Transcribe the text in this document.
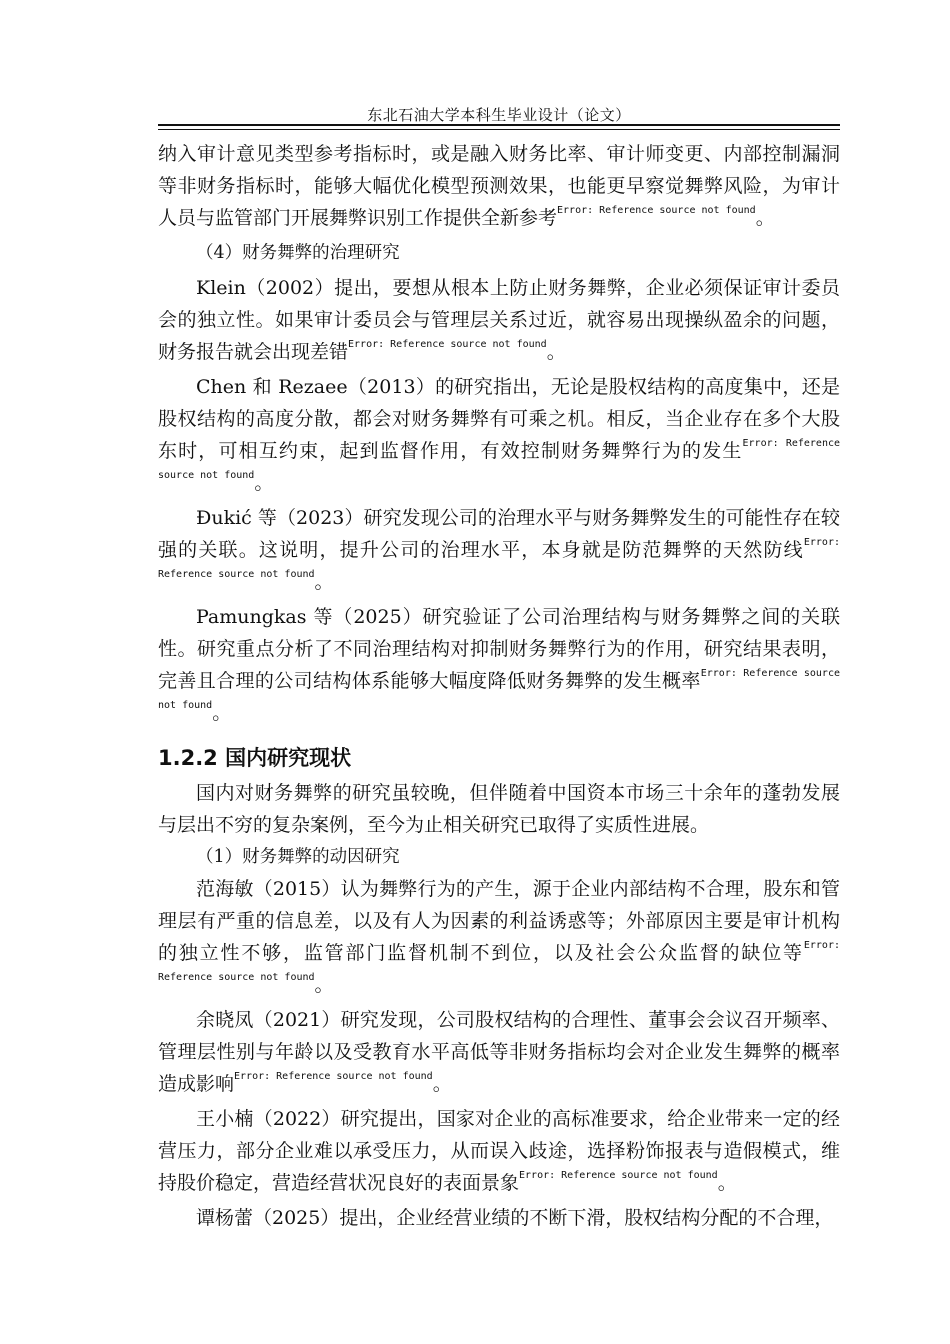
东北石油大学本科生毕业设计（论文）

纳入审计意见类型参考指标时，或是融入财务比率、审计师变更、内部控制漏洞等非财务指标时，能够大幅优化模型预测效果，也能更早察觉舞弊风险，为审计人员与监管部门开展舞弊识别工作提供全新参考$^{Error: Reference source not found}$。

（4）财务舞弊的治理研究

Klein（2002）提出，要想从根本上防止财务舞弊，企业必须保证审计委员会的独立性。如果审计委员会与管理层关系过近，就容易出现操纵盈余的问题，财务报告就会出现差错$^{Error: Reference source not found}$。

Chen 和 Rezaee（2013）的研究指出，无论是股权结构的高度集中，还是股权结构的高度分散，都会对财务舞弊有可乘之机。相反，当企业存在多个大股东时，可相互约束，起到监督作用，有效控制财务舞弊行为的发生$^{Error: Reference source not found}$。

Đukić 等（2023）研究发现公司的治理水平与财务舞弊发生的可能性存在较强的关联。这说明，提升公司的治理水平，本身就是防范舞弊的天然防线$^{Error: Reference source not found}$。

Pamungkas 等（2025）研究验证了公司治理结构与财务舞弊之间的关联性。研究重点分析了不同治理结构对抑制财务舞弊行为的作用，研究结果表明，完善且合理的公司结构体系能够大幅度降低财务舞弊的发生概率$^{Error: Reference source not found}$。

1.2.2 国内研究现状

国内对财务舞弊的研究虽较晚，但伴随着中国资本市场三十余年的蓬勃发展与层出不穷的复杂案例，至今为止相关研究已取得了实质性进展。

（1）财务舞弊的动因研究

范海敏（2015）认为舞弊行为的产生，源于企业内部结构不合理，股东和管理层有严重的信息差，以及有人为因素的利益诱惑等；外部原因主要是审计机构的独立性不够，监管部门监督机制不到位，以及社会公众监督的缺位等$^{Error: Reference source not found}$。

余晓凤（2021）研究发现，公司股权结构的合理性、董事会会议召开频率、管理层性别与年龄以及受教育水平高低等非财务指标均会对企业发生舞弊的概率造成影响$^{Error: Reference source not found}$。

王小楠（2022）研究提出，国家对企业的高标准要求，给企业带来一定的经营压力，部分企业难以承受压力，从而误入歧途，选择粉饰报表与造假模式，维持股价稳定，营造经营状况良好的表面景象$^{Error: Reference source not found}$。

谭杨蕾（2025）提出，企业经营业绩的不断下滑，股权结构分配的不合理，
